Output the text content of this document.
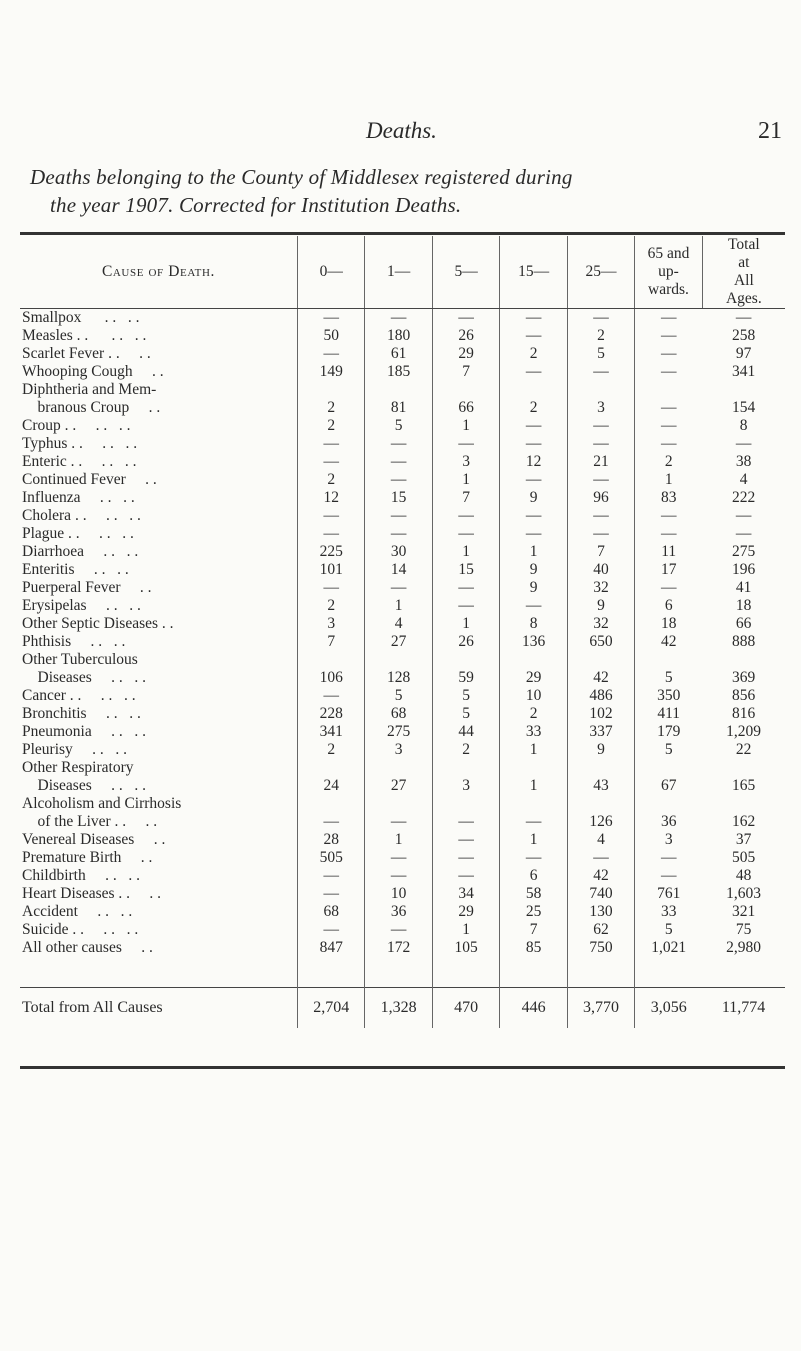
Deaths.	21
Deaths belonging to the County of Middlesex registered during
the year 1907. Corrected for Institution Deaths.
Cause of Death.	0—	1—	5—	15—	25—	65 and
up-
wards.	Total
at
All
Ages.
Smallpox      . .   . .	—	—	—	—	—	—	—
Measles . .      . .   . .	50	180	26	—	2	—	258
Scarlet Fever . .     . .	—	61	29	2	5	—	97
Whooping Cough     . .	149	185	7	—	—	—	341
Diphtheria and Mem-							
branous Croup     . .	2	81	66	2	3	—	154
Croup . .     . .   . .	2	5	1	—	—	—	8
Typhus . .     . .   . .	—	—	—	—	—	—	—
Enteric . .     . .   . .	—	—	3	12	21	2	38
Continued Fever     . .	2	—	1	—	—	1	4
Influenza     . .   . .	12	15	7	9	96	83	222
Cholera . .     . .   . .	—	—	—	—	—	—	—
Plague . .     . .   . .	—	—	—	—	—	—	—
Diarrhoea     . .   . .	225	30	1	1	7	11	275
Enteritis     . .   . .	101	14	15	9	40	17	196
Puerperal Fever     . .	—	—	—	9	32	—	41
Erysipelas     . .   . .	2	1	—	—	9	6	18
Other Septic Diseases . .	3	4	1	8	32	18	66
Phthisis     . .   . .	7	27	26	136	650	42	888
Other Tuberculous							
Diseases     . .   . .	106	128	59	29	42	5	369
Cancer . .     . .   . .	—	5	5	10	486	350	856
Bronchitis     . .   . .	228	68	5	2	102	411	816
Pneumonia     . .   . .	341	275	44	33	337	179	1,209
Pleurisy     . .   . .	2	3	2	1	9	5	22
Other Respiratory							
Diseases     . .   . .	24	27	3	1	43	67	165
Alcoholism and Cirrhosis							
of the Liver . .     . .	—	—	—	—	126	36	162
Venereal Diseases     . .	28	1	—	1	4	3	37
Premature Birth     . .	505	—	—	—	—	—	505
Childbirth     . .   . .	—	—	—	6	42	—	48
Heart Diseases . .     . .	—	10	34	58	740	761	1,603
Accident     . .   . .	68	36	29	25	130	33	321
Suicide . .     . .   . .	—	—	1	7	62	5	75
All other causes     . .	847	172	105	85	750	1,021	2,980

Total from All Causes	2,704	1,328	470	446	3,770	3,056	11,774
